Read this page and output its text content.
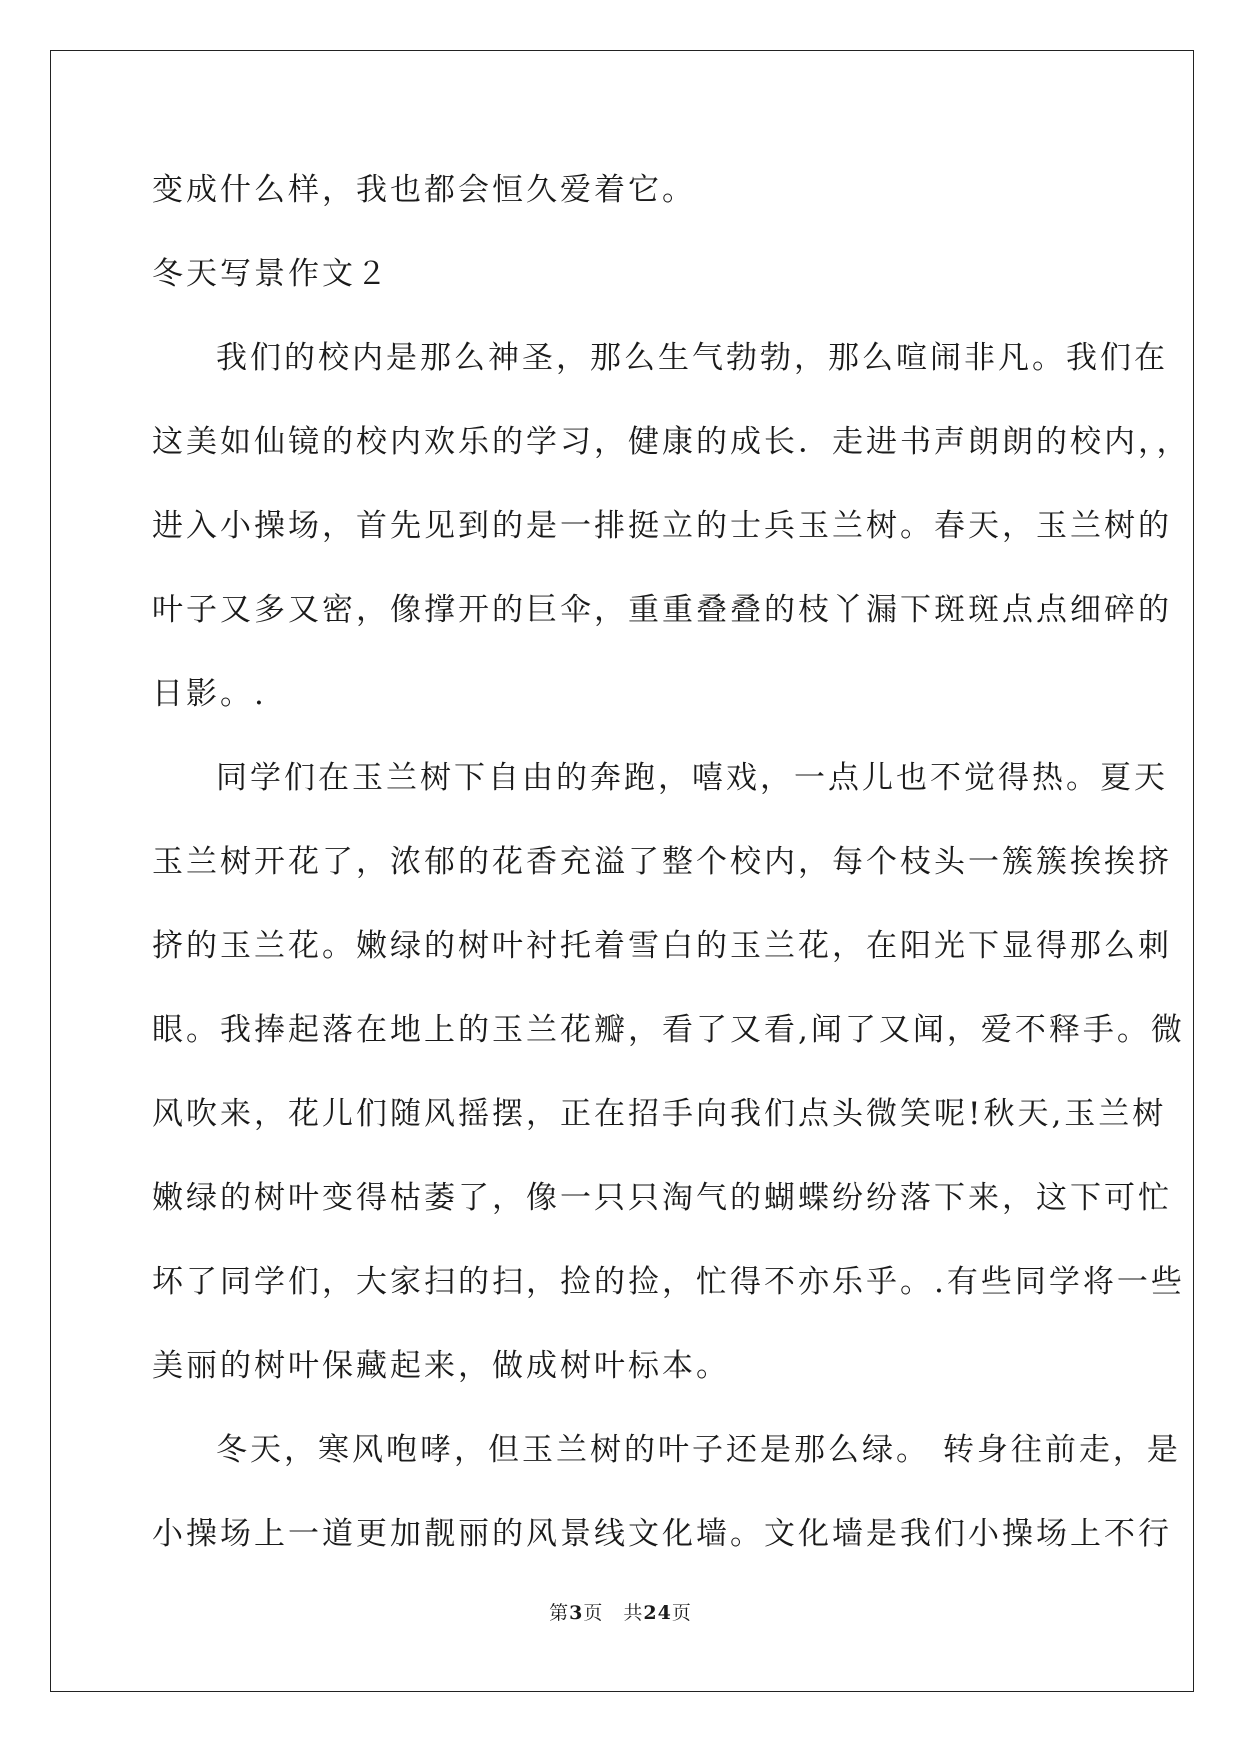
变成什么样，我也都会恒久爱着它。
冬天写景作文２
我们的校内是那么神圣，那么生气勃勃，那么喧闹非凡。我们在
这美如仙镜的校内欢乐的学习，健康的成长．走进书声朗朗的校内，，
进入小操场，首先见到的是一排挺立的士兵玉兰树。春天，玉兰树的
叶子又多又密，像撑开的巨伞，重重叠叠的枝丫漏下斑斑点点细碎的
日影。.
同学们在玉兰树下自由的奔跑，嘻戏，一点儿也不觉得热。夏天
玉兰树开花了，浓郁的花香充溢了整个校内，每个枝头一簇簇挨挨挤
挤的玉兰花。嫩绿的树叶衬托着雪白的玉兰花，在阳光下显得那么刺
眼。我捧起落在地上的玉兰花瓣，看了又看,闻了又闻，爱不释手。微
风吹来，花儿们随风摇摆，正在招手向我们点头微笑呢!秋天,玉兰树
嫩绿的树叶变得枯萎了，像一只只淘气的蝴蝶纷纷落下来，这下可忙
坏了同学们，大家扫的扫，捡的捡，忙得不亦乐乎。.有些同学将一些
美丽的树叶保藏起来，做成树叶标本。
冬天，寒风咆哮，但玉兰树的叶子还是那么绿。 转身往前走，是
小操场上一道更加靓丽的风景线文化墙。文化墙是我们小操场上不行
第3页　共24页
